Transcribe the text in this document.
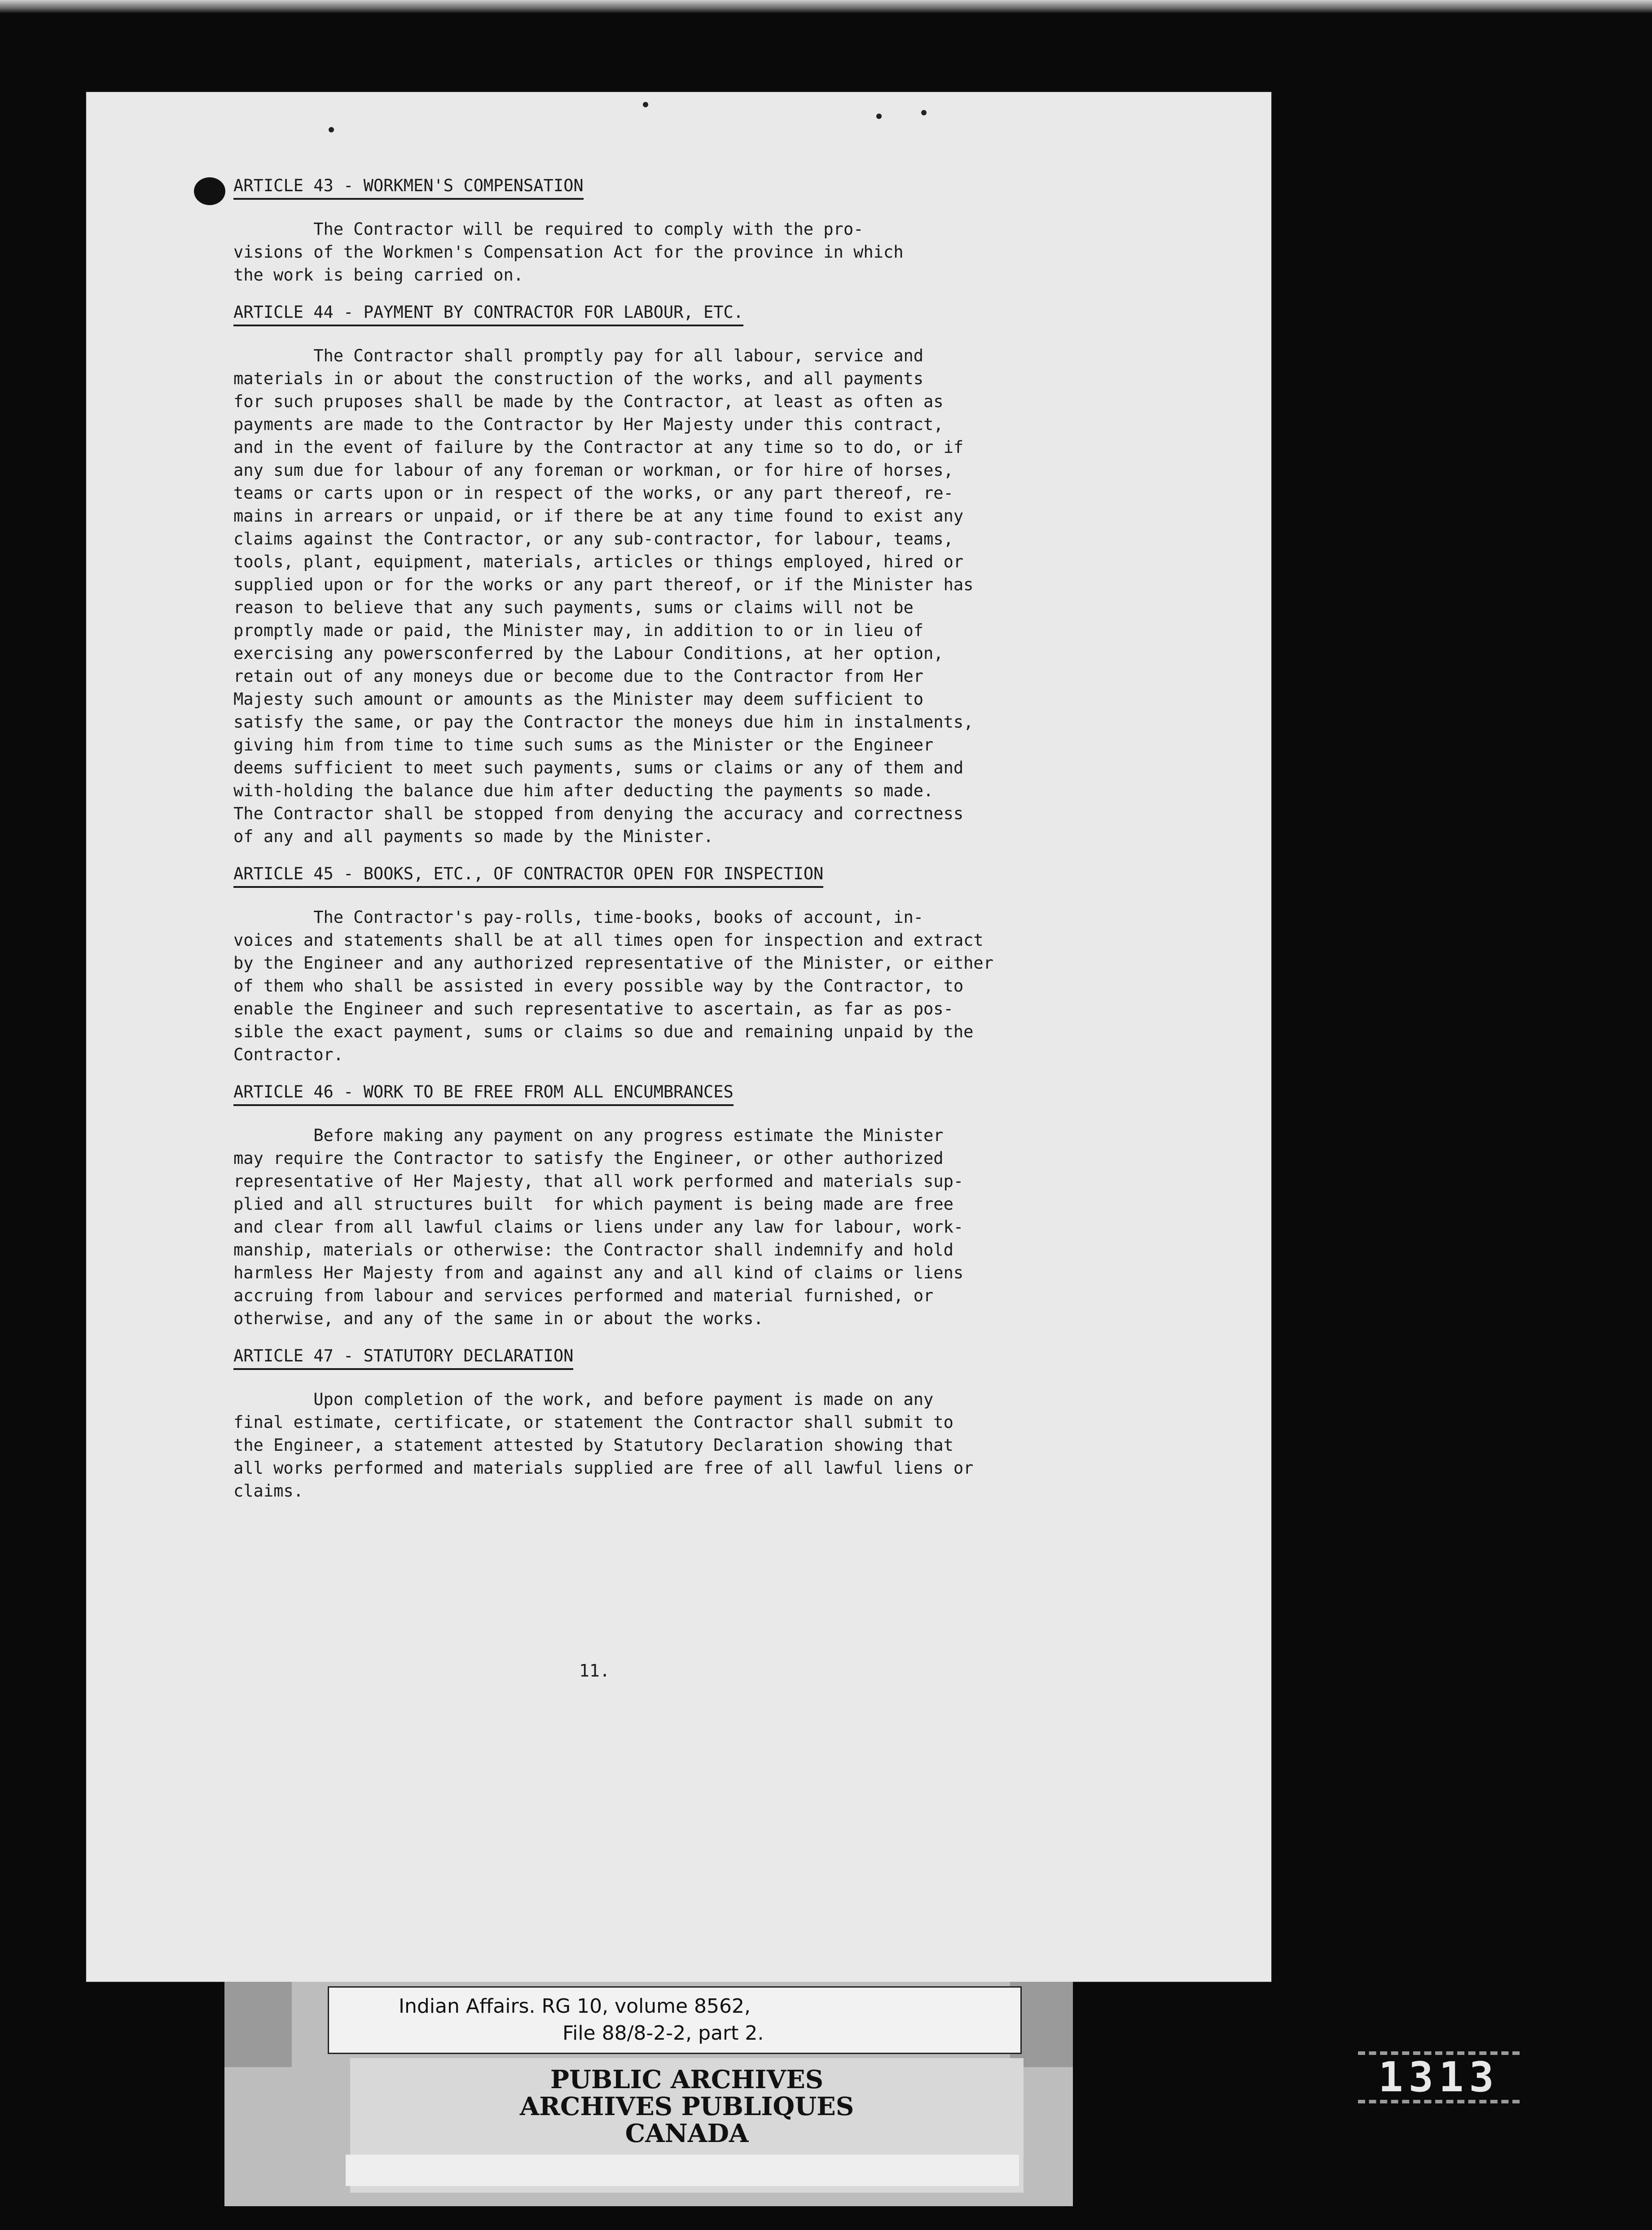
ARTICLE 43 - WORKMEN'S COMPENSATION
The Contractor will be required to comply with the pro-
visions of the Workmen's Compensation Act for the province in which
the work is being carried on.
ARTICLE 44 - PAYMENT BY CONTRACTOR FOR LABOUR, ETC.
The Contractor shall promptly pay for all labour, service and
materials in or about the construction of the works, and all payments
for such pruposes shall be made by the Contractor, at least as often as
payments are made to the Contractor by Her Majesty under this contract,
and in the event of failure by the Contractor at any time so to do, or if
any sum due for labour of any foreman or workman, or for hire of horses,
teams or carts upon or in respect of the works, or any part thereof, re-
mains in arrears or unpaid, or if there be at any time found to exist any
claims against the Contractor, or any sub-contractor, for labour, teams,
tools, plant, equipment, materials, articles or things employed, hired or
supplied upon or for the works or any part thereof, or if the Minister has
reason to believe that any such payments, sums or claims will not be
promptly made or paid, the Minister may, in addition to or in lieu of
exercising any powersconferred by the Labour Conditions, at her option,
retain out of any moneys due or become due to the Contractor from Her
Majesty such amount or amounts as the Minister may deem sufficient to
satisfy the same, or pay the Contractor the moneys due him in instalments,
giving him from time to time such sums as the Minister or the Engineer
deems sufficient to meet such payments, sums or claims or any of them and
with-holding the balance due him after deducting the payments so made.
The Contractor shall be stopped from denying the accuracy and correctness
of any and all payments so made by the Minister.
ARTICLE 45 - BOOKS, ETC., OF CONTRACTOR OPEN FOR INSPECTION
The Contractor's pay-rolls, time-books, books of account, in-
voices and statements shall be at all times open for inspection and extract
by the Engineer and any authorized representative of the Minister, or either
of them who shall be assisted in every possible way by the Contractor, to
enable the Engineer and such representative to ascertain, as far as pos-
sible the exact payment, sums or claims so due and remaining unpaid by the
Contractor.
ARTICLE 46 - WORK TO BE FREE FROM ALL ENCUMBRANCES
Before making any payment on any progress estimate the Minister
may require the Contractor to satisfy the Engineer, or other authorized
representative of Her Majesty, that all work performed and materials sup-
plied and all structures built  for which payment is being made are free
and clear from all lawful claims or liens under any law for labour, work-
manship, materials or otherwise: the Contractor shall indemnify and hold
harmless Her Majesty from and against any and all kind of claims or liens
accruing from labour and services performed and material furnished, or
otherwise, and any of the same in or about the works.
ARTICLE 47 - STATUTORY DECLARATION
Upon completion of the work, and before payment is made on any
final estimate, certificate, or statement the Contractor shall submit to
the Engineer, a statement attested by Statutory Declaration showing that
all works performed and materials supplied are free of all lawful liens or
claims.
11.
Indian Affairs. RG 10, volume 8562,
File 88/8-2-2, part 2.
PUBLIC ARCHIVES
ARCHIVES PUBLIQUES
CANADA
1313
